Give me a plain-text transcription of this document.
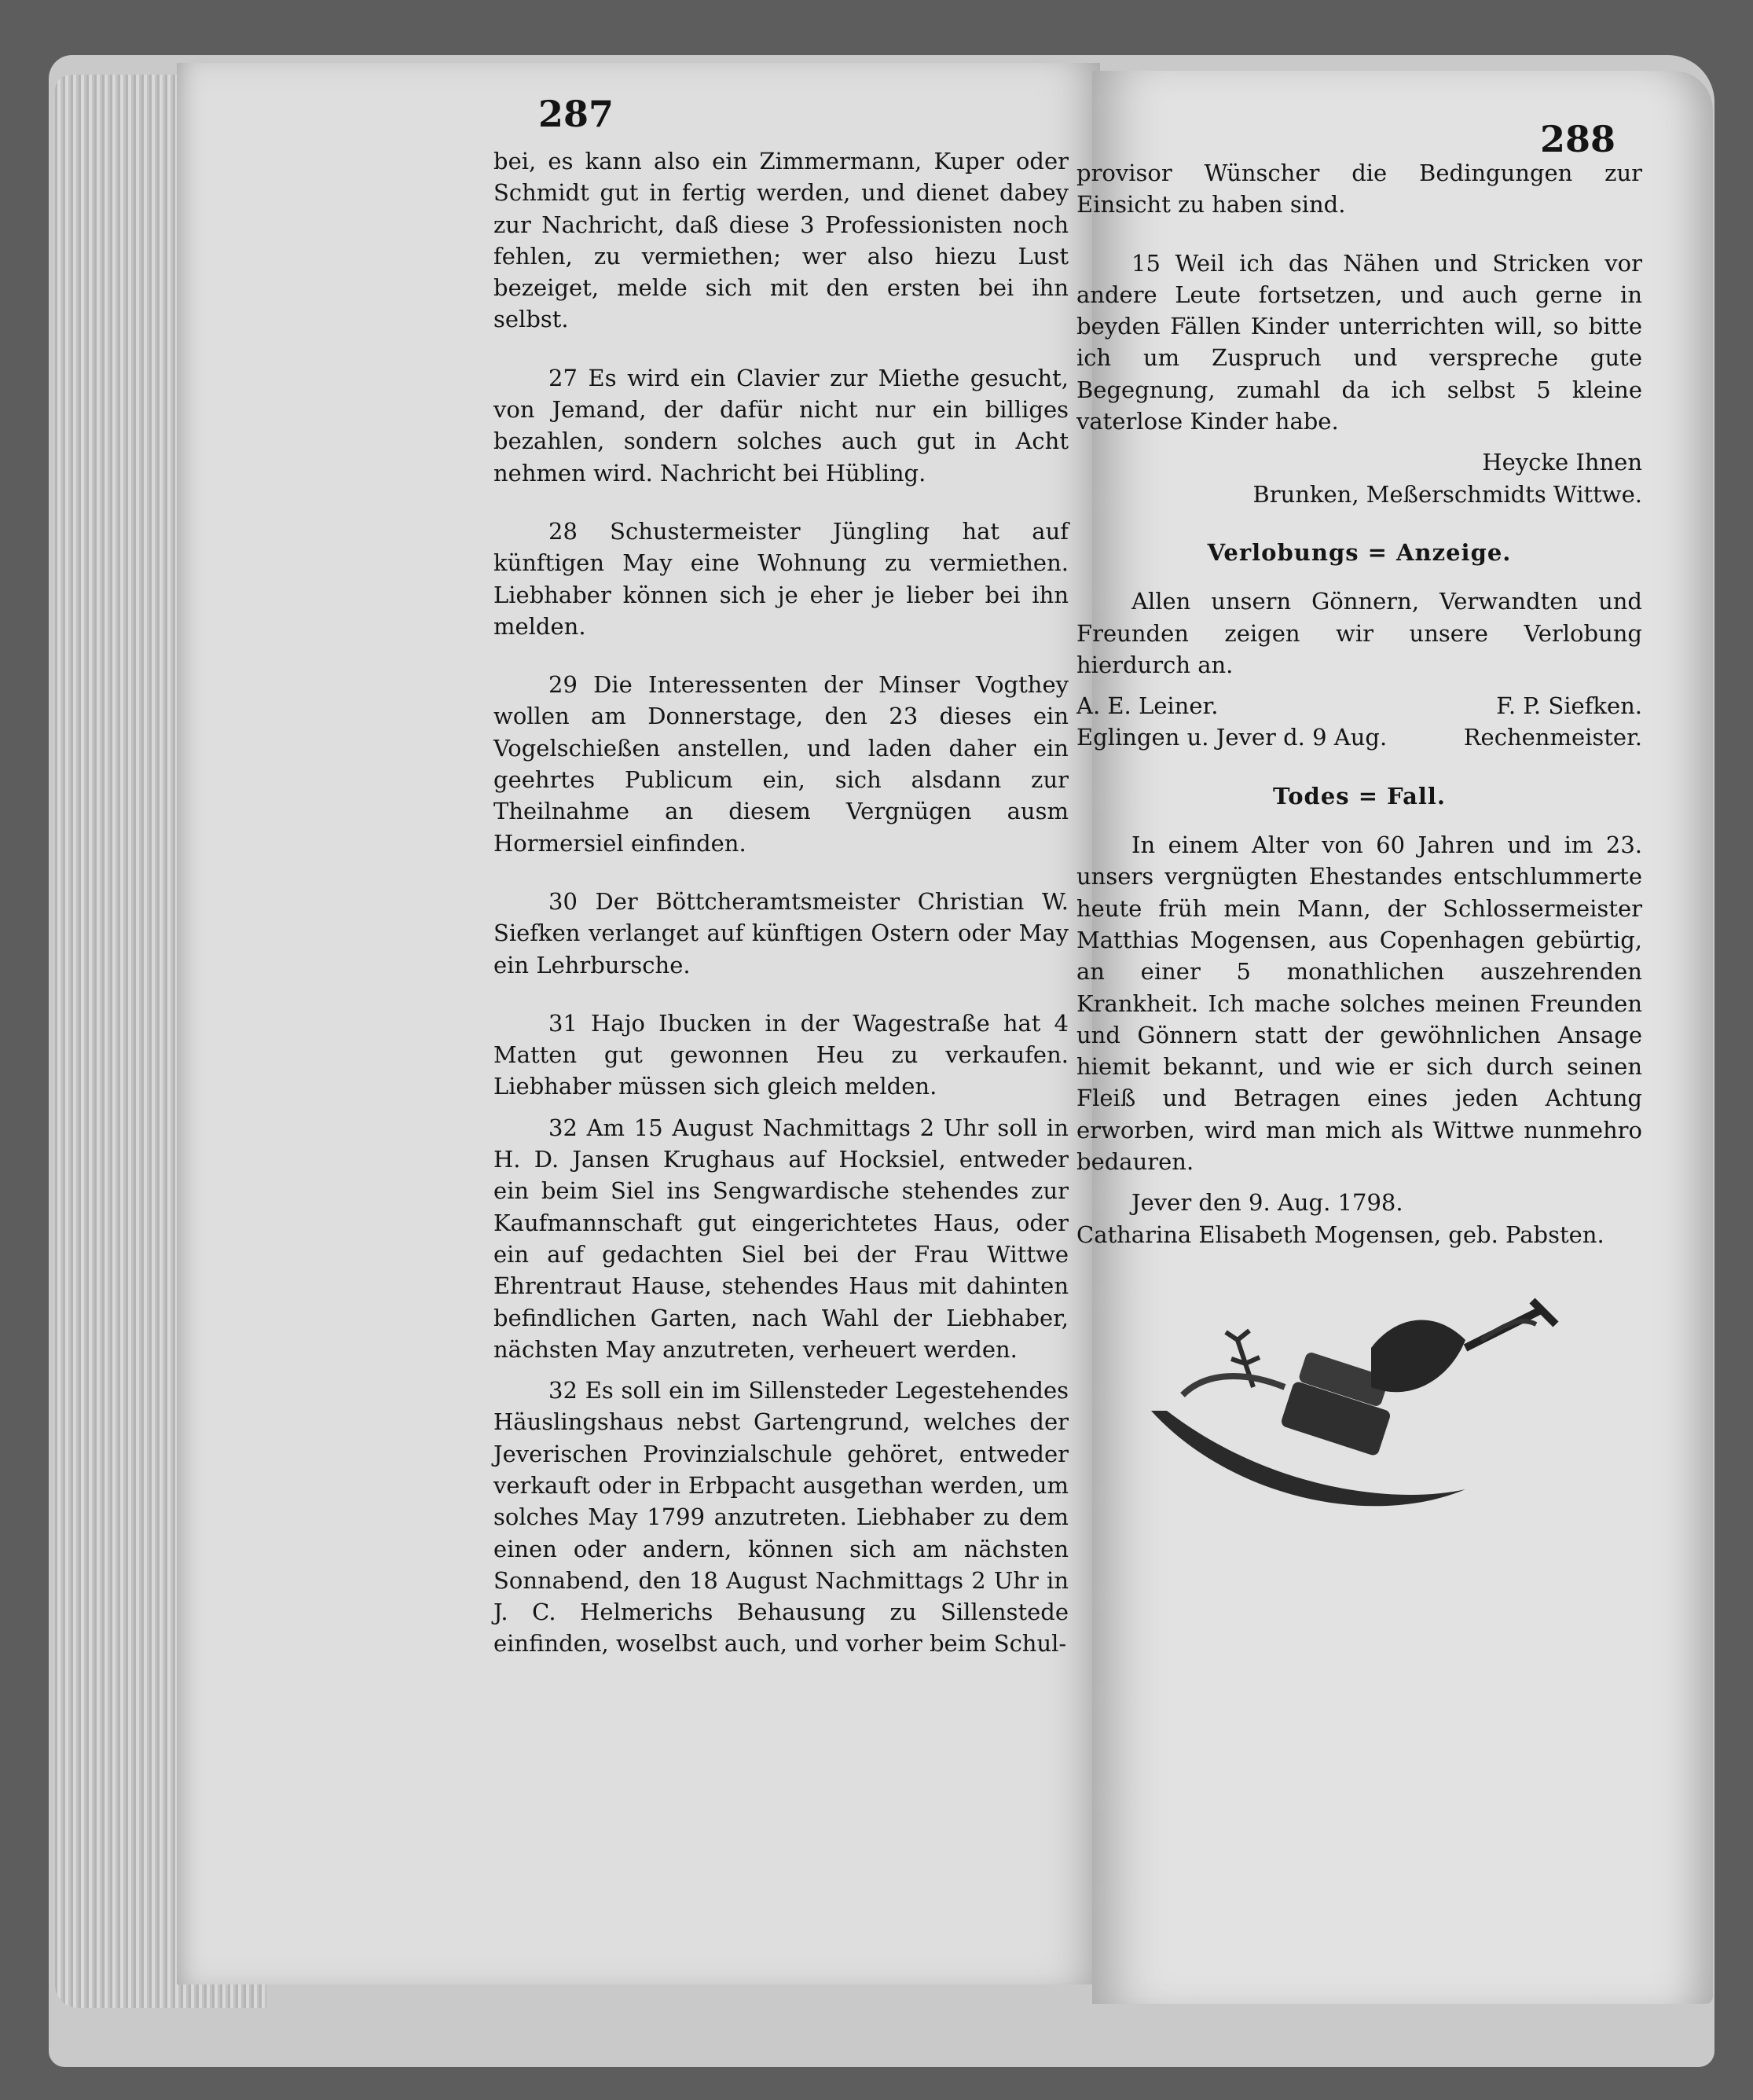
287
288

bei, es kann also ein Zimmermann, Kuper oder Schmidt gut in fertig werden, und dienet dabey zur Nachricht, daß diese 3 Professionisten noch fehlen, zu vermiethen; wer also hiezu Lust bezeiget, melde sich mit den ersten bei ihn selbst.

27 Es wird ein Clavier zur Miethe gesucht, von Jemand, der dafür nicht nur ein billiges bezahlen, sondern solches auch gut in Acht nehmen wird. Nachricht bei Hübling.

28 Schustermeister Jüngling hat auf künftigen May eine Wohnung zu vermiethen. Liebhaber können sich je eher je lieber bei ihn melden.

29 Die Interessenten der Minser Vogthey wollen am Donnerstage, den 23 dieses ein Vogelschießen anstellen, und laden daher ein geehrtes Publicum ein, sich alsdann zur Theilnahme an diesem Vergnügen ausm Hormersiel einfinden.

30 Der Böttcheramtsmeister Christian W. Siefken verlanget auf künftigen Ostern oder May ein Lehrbursche.

31 Hajo Ibucken in der Wagestraße hat 4 Matten gut gewonnen Heu zu verkaufen. Liebhaber müssen sich gleich melden.

32 Am 15 August Nachmittags 2 Uhr soll in H. D. Jansen Krughaus auf Hocksiel, entweder ein beim Siel ins Sengwardische stehendes zur Kaufmannschaft gut eingerichtetes Haus, oder ein auf gedachten Siel bei der Frau Wittwe Ehrentraut Hause, stehendes Haus mit dahinten befindlichen Garten, nach Wahl der Liebhaber, nächsten May anzutreten, verheuert werden.

32 Es soll ein im Sillensteder Legestehendes Häuslingshaus nebst Gartengrund, welches der Jeverischen Provinzialschule gehöret, entweder verkauft oder in Erbpacht ausgethan werden, um solches May 1799 anzutreten. Liebhaber zu dem einen oder andern, können sich am nächsten Sonnabend, den 18 August Nachmittags 2 Uhr in J. C. Helmerichs Behausung zu Sillenstede einfinden, woselbst auch, und vorher beim Schul-

provisor Wünscher die Bedingungen zur Einsicht zu haben sind.

15 Weil ich das Nähen und Stricken vor andere Leute fortsetzen, und auch gerne in beyden Fällen Kinder unterrichten will, so bitte ich um Zuspruch und verspreche gute Begegnung, zumahl da ich selbst 5 kleine vaterlose Kinder habe.

Heycke Ihnen
Brunken, Meßerschmidts Wittwe.
Verlobungs = Anzeige.

Allen unsern Gönnern, Verwandten und Freunden zeigen wir unsere Verlobung hierdurch an.

A. E. Leiner.	F. P. Siefken.
Eglingen u. Jever d. 9 Aug.	Rechenmeister.
Todes = Fall.

In einem Alter von 60 Jahren und im 23. unsers vergnügten Ehestandes entschlummerte heute früh mein Mann, der Schlossermeister Matthias Mogensen, aus Copenhagen gebürtig, an einer 5 monathlichen auszehrenden Krankheit. Ich mache solches meinen Freunden und Gönnern statt der gewöhnlichen Ansage hiemit bekannt, und wie er sich durch seinen Fleiß und Betragen eines jeden Achtung erworben, wird man mich als Wittwe nunmehro bedauren.

Jever den 9. Aug. 1798.
Catharina Elisabeth Mogensen, geb. Pabsten.
